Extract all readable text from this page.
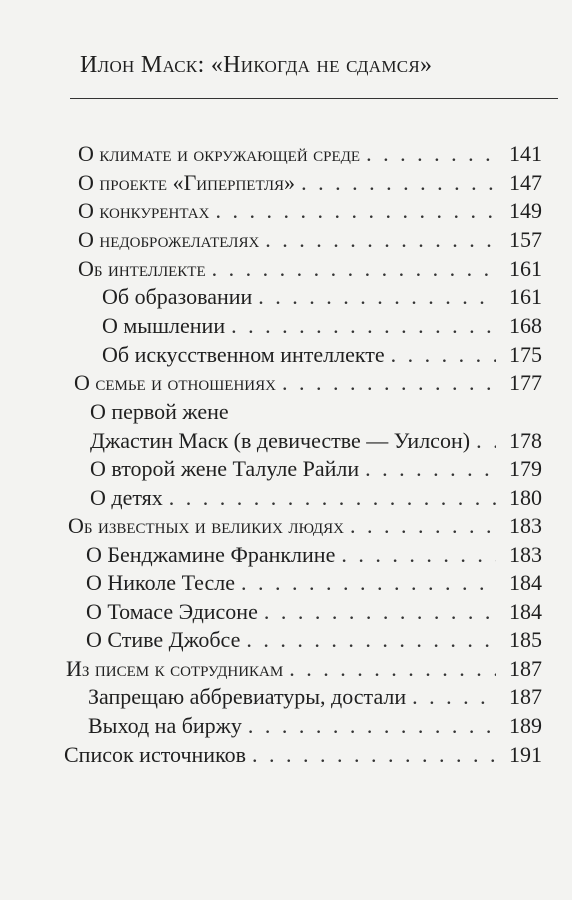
Илон Маск: «Никогда не сдамся»
О климате и окружающей среде . . .	141
О проекте «Гиперпетля» . . .	147
О конкурентах . . .	149
О недоброжелателях . . .	157
Об интеллекте . . .	161
Об образовании . . .	161
О мышлении . . .	168
Об искусственном интеллекте . . .	175
О семье и отношениях . . .	177
О первой жене
Джастин Маск (в девичестве — Уилсон) . . .	178
О второй жене Талуле Райли . . .	179
О детях . . .	180
Об известных и великих людях . . .	183
О Бенджамине Франклине . . .	183
О Николе Тесле . . .	184
О Томасе Эдисоне . . .	184
О Стиве Джобсе . . .	185
Из писем к сотрудникам . . .	187
Запрещаю аббревиатуры, достали . . .	187
Выход на биржу . . .	189
Список источников . . .	191
